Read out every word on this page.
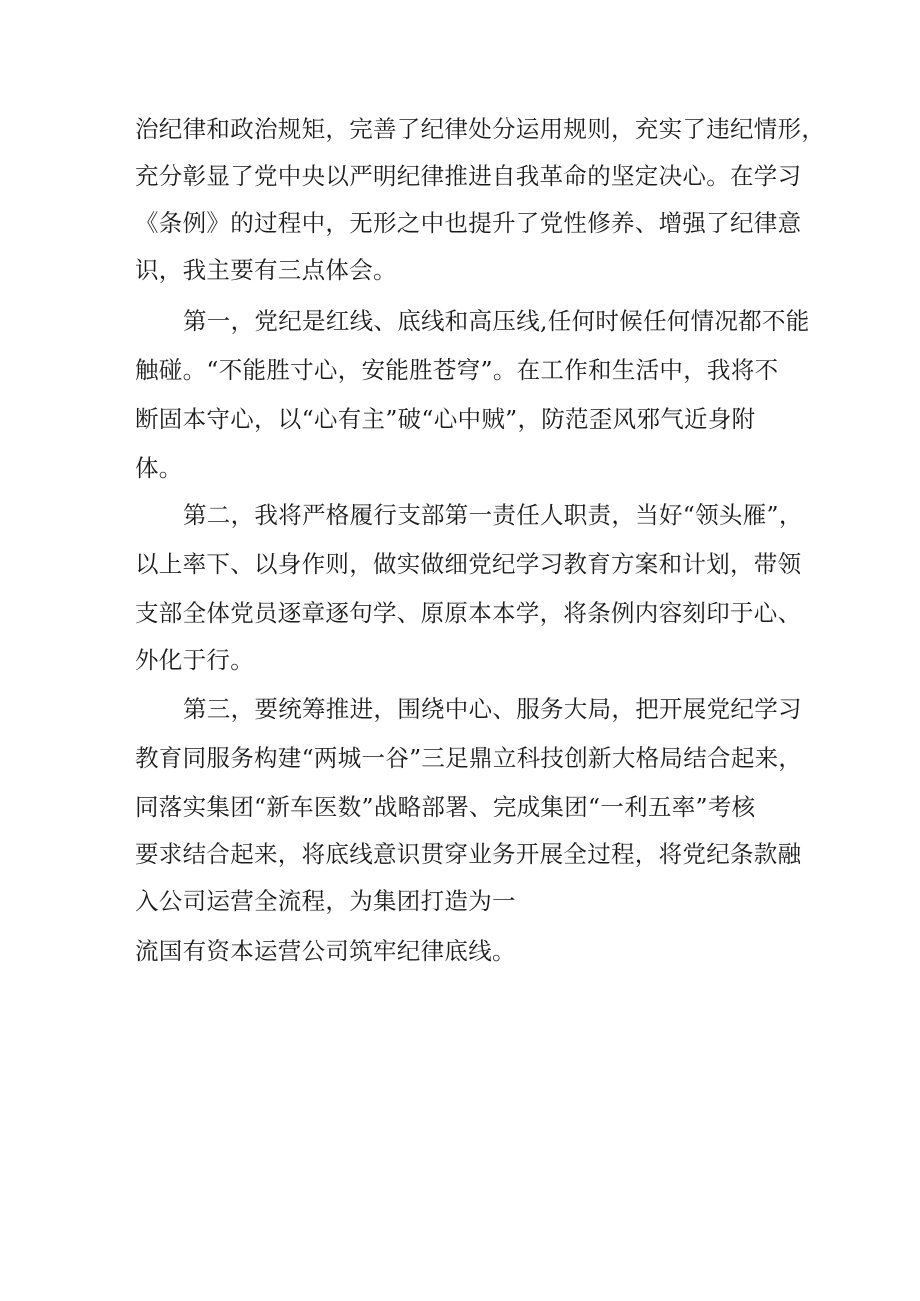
治纪律和政治规矩，完善了纪律处分运用规则，充实了违纪情形，
充分彰显了党中央以严明纪律推进自我革命的坚定决心。在学习
《条例》的过程中，无形之中也提升了党性修养、增强了纪律意
识，我主要有三点体会。
第一，党纪是红线、底线和高压线,任何时候任何情况都不能
触碰。“不能胜寸心，安能胜苍穹”。在工作和生活中，我将不
断固本守心，以“心有主”破“心中贼”，防范歪风邪气近身附
体。
第二，我将严格履行支部第一责任人职责，当好“领头雁”，
以上率下、以身作则，做实做细党纪学习教育方案和计划，带领
支部全体党员逐章逐句学、原原本本学，将条例内容刻印于心、
外化于行。
第三，要统筹推进，围绕中心、服务大局，把开展党纪学习
教育同服务构建“两城一谷”三足鼎立科技创新大格局结合起来，
同落实集团“新车医数”战略部署、完成集团“一利五率”考核
要求结合起来，将底线意识贯穿业务开展全过程，将党纪条款融
入公司运营全流程，为集团打造为一
流国有资本运营公司筑牢纪律底线。
